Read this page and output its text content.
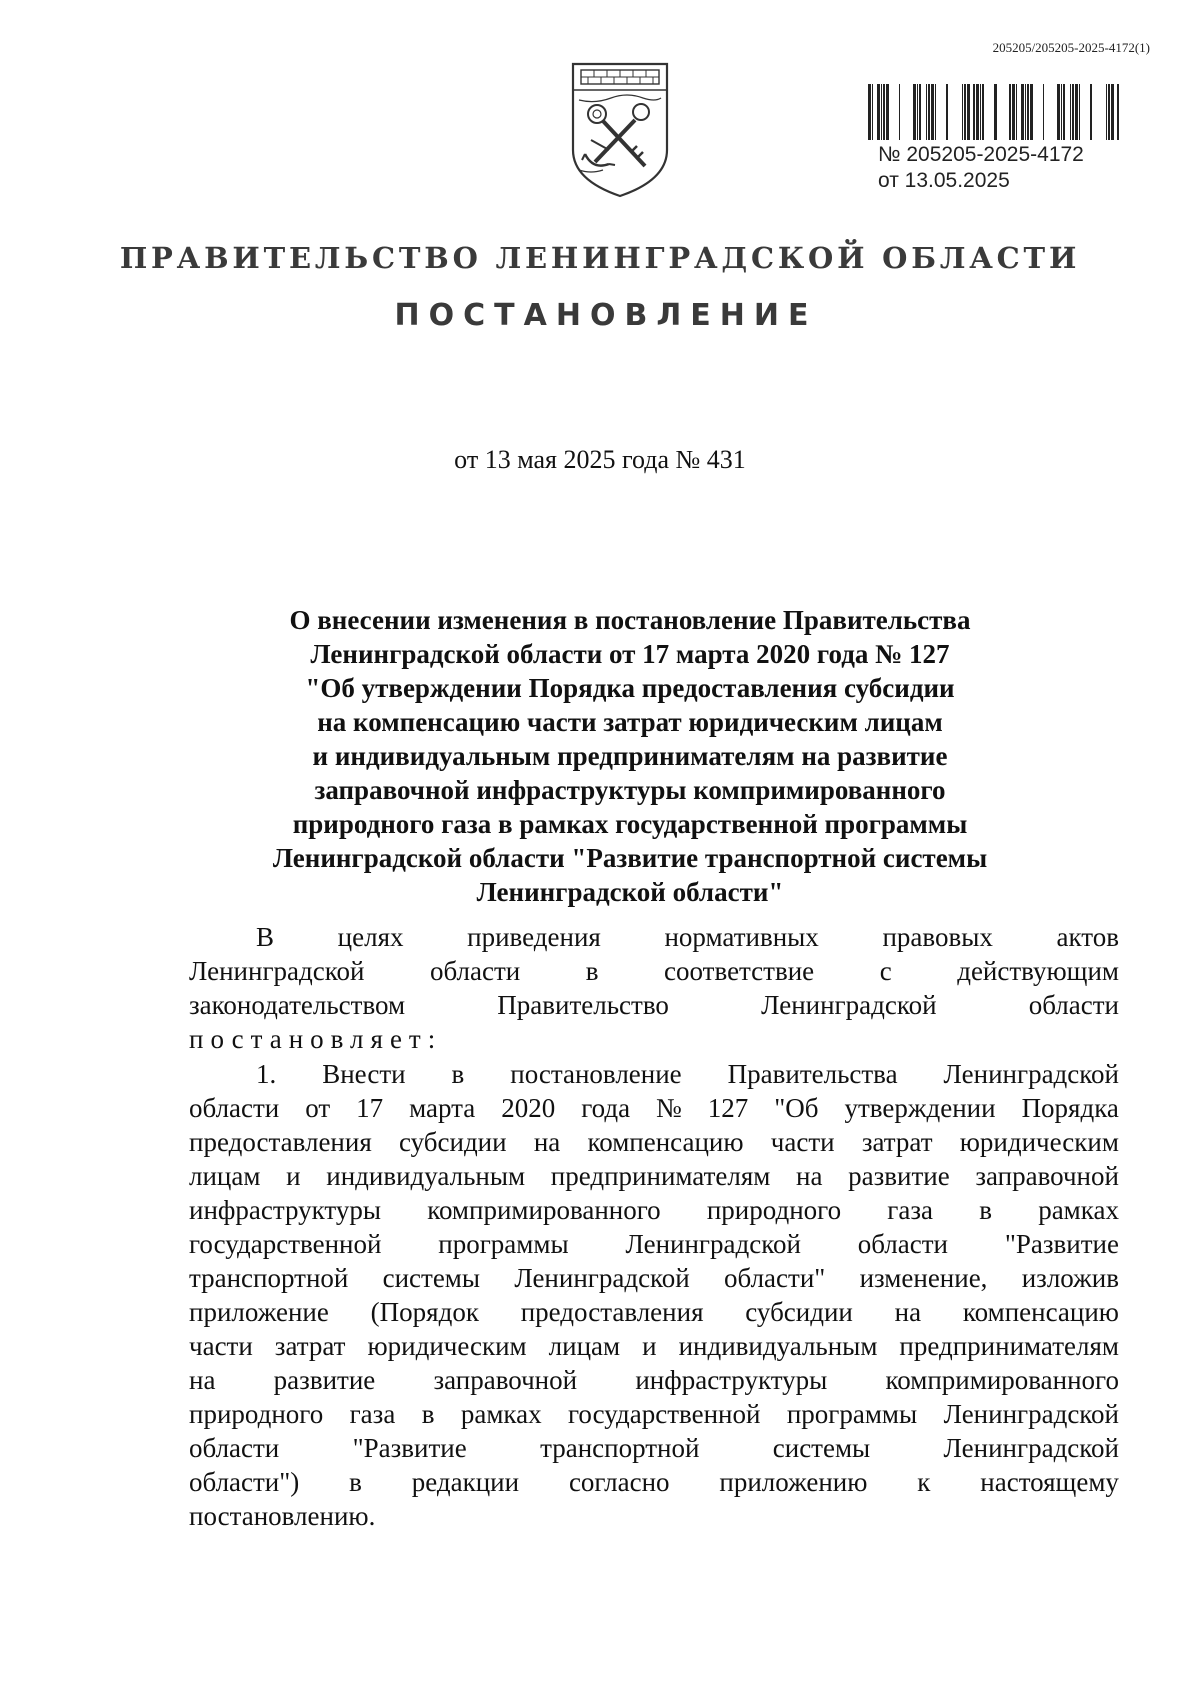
205205/205205-2025-4172(1)
№ 205205-2025-4172
от 13.05.2025
ПРАВИТЕЛЬСТВО ЛЕНИНГРАДСКОЙ ОБЛАСТИ
ПОСТАНОВЛЕНИЕ
от 13 мая 2025 года № 431
О внесении изменения в постановление Правительства
Ленинградской области от 17 марта 2020 года № 127
"Об утверждении Порядка предоставления субсидии
на компенсацию части затрат юридическим лицам
и индивидуальным предпринимателям на развитие
заправочной инфраструктуры компримированного
природного газа в рамках государственной программы
Ленинградской области "Развитие транспортной системы
Ленинградской области"
В целях приведения нормативных правовых актов
Ленинградской области в соответствие с действующим
законодательством	Правительство	Ленинградской	области
постановляет:
1. Внести в постановление Правительства Ленинградской
области от 17 марта 2020 года № 127 "Об утверждении Порядка
предоставления субсидии на компенсацию части затрат юридическим
лицам и индивидуальным предпринимателям на развитие заправочной
инфраструктуры компримированного природного газа в рамках
государственной программы Ленинградской области "Развитие
транспортной системы Ленинградской области" изменение, изложив
приложение (Порядок предоставления субсидии на компенсацию
части затрат юридическим лицам и индивидуальным предпринимателям
на развитие заправочной инфраструктуры компримированного
природного газа в рамках государственной программы Ленинградской
области	"Развитие	транспортной	системы	Ленинградской
области") в редакции согласно приложению к настоящему
постановлению.
